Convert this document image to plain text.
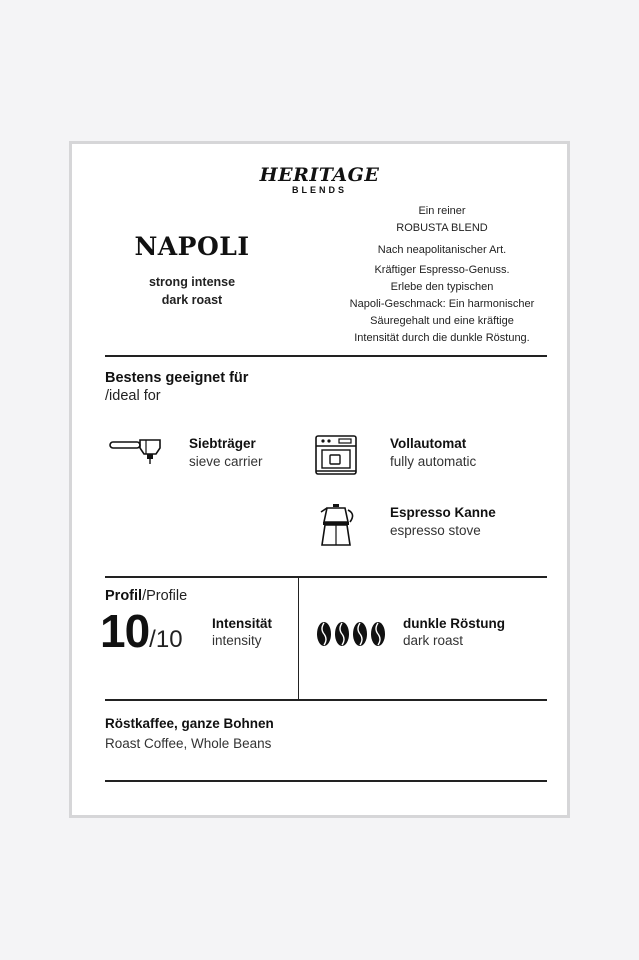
HERITAGE
BLENDS
NAPOLI
strong intense
dark roast
Ein reiner
ROBUSTA BLEND
Nach neapolitanischer Art.
Kräftiger Espresso-Genuss.
Erlebe den typischen
Napoli-Geschmack: Ein harmonischer
Säuregehalt und eine kräftige
Intensität durch die dunkle Röstung.
Bestens geeignet für
/ideal for
Siebträger
sieve carrier
Vollautomat
fully automatic
Espresso Kanne
espresso stove
Profil/Profile
10/10
Intensität
intensity
dunkle Röstung
dark roast
Röstkaffee, ganze Bohnen
Roast Coffee, Whole Beans
